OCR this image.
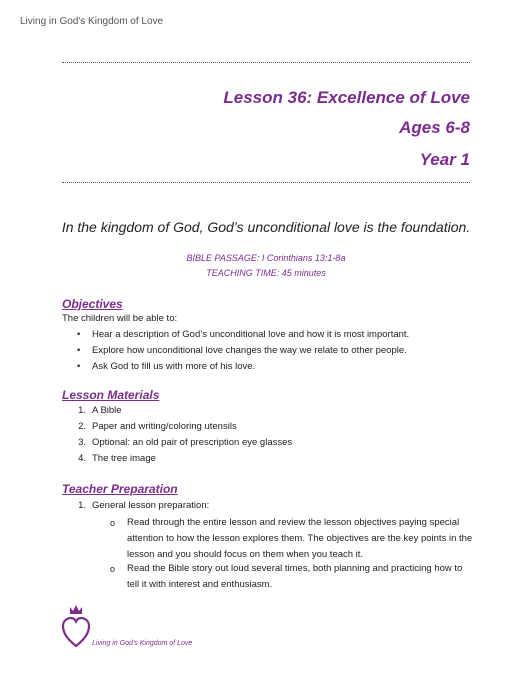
Living in God's Kingdom of Love
Lesson 36: Excellence of Love
Ages 6-8
Year 1
In the kingdom of God, God’s unconditional love is the foundation.
BIBLE PASSAGE: I Corinthians 13:1-8a
TEACHING TIME: 45 minutes
Objectives
The children will be able to:
• Hear a description of God’s unconditional love and how it is most important.
• Explore how unconditional love changes the way we relate to other people.
• Ask God to fill us with more of his love.
Lesson Materials
1. A Bible
2. Paper and writing/coloring utensils
3. Optional: an old pair of prescription eye glasses
4. The tree image
Teacher Preparation
1. General lesson preparation:
o Read through the entire lesson and review the lesson objectives paying special attention to how the lesson explores them. The objectives are the key points in the lesson and you should focus on them when you teach it.
o Read the Bible story out loud several times, both planning and practicing how to tell it with interest and enthusiasm.
Living in God’s Kingdom of Love
